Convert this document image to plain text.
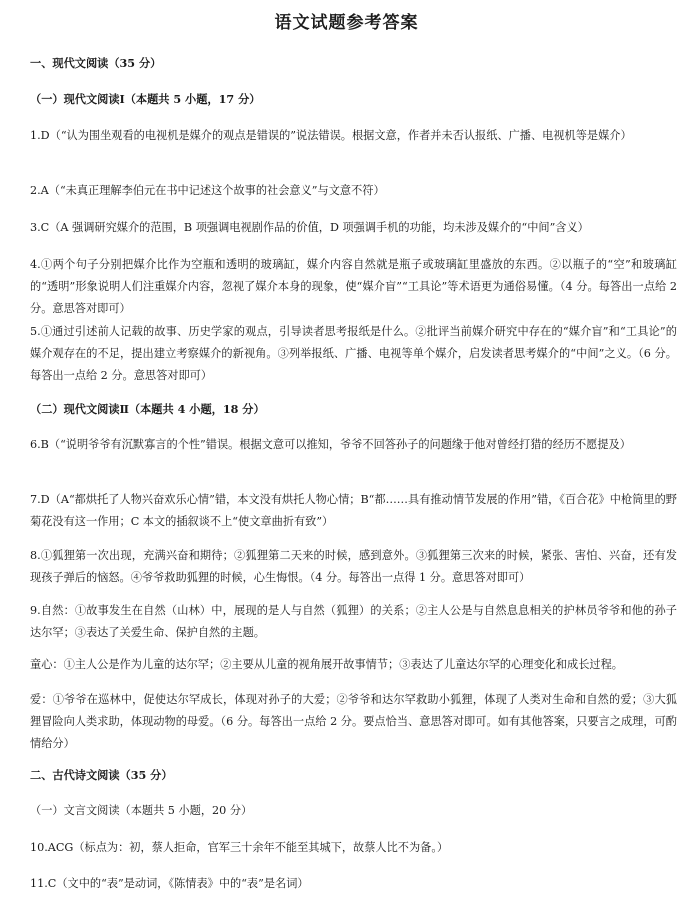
语文试题参考答案
一、现代文阅读（35 分）
（一）现代文阅读Ⅰ（本题共 5 小题，17 分）
1.D（“认为围坐观看的电视机是媒介的观点是错误的”说法错误。根据文意，作者并未否认报纸、广播、电视机等是媒介）
2.A（“未真正理解李伯元在书中记述这个故事的社会意义”与文意不符）
3.C（A 强调研究媒介的范围，B 项强调电视剧作品的价值，D 项强调手机的功能，均未涉及媒介的“中间”含义）
4.①两个句子分别把媒介比作为空瓶和透明的玻璃缸，媒介内容自然就是瓶子或玻璃缸里盛放的东西。②以瓶子的“空”和玻璃缸的“透明”形象说明人们注重媒介内容，忽视了媒介本身的现象，使“媒介盲”“工具论”等术语更为通俗易懂。（4 分。每答出一点给 2 分。意思答对即可）
5.①通过引述前人记载的故事、历史学家的观点，引导读者思考报纸是什么。②批评当前媒介研究中存在的“媒介盲”和“工具论”的媒介观存在的不足，提出建立考察媒介的新视角。③列举报纸、广播、电视等单个媒介，启发读者思考媒介的“中间”之义。（6 分。每答出一点给 2 分。意思答对即可）
（二）现代文阅读Ⅱ（本题共 4 小题，18 分）
6.B（“说明爷爷有沉默寡言的个性”错误。根据文意可以推知，爷爷不回答孙子的问题缘于他对曾经打猎的经历不愿提及）
7.D（A“都烘托了人物兴奋欢乐心情”错，本文没有烘托人物心情；B“都……具有推动情节发展的作用”错，《百合花》中枪筒里的野菊花没有这一作用；C 本文的插叙谈不上“使文章曲折有致”）
8.①狐狸第一次出现，充满兴奋和期待；②狐狸第二天来的时候，感到意外。③狐狸第三次来的时候，紧张、害怕、兴奋，还有发现孩子弹后的恼怒。④爷爷救助狐狸的时候，心生悔恨。（4 分。每答出一点得 1 分。意思答对即可）
9.自然：①故事发生在自然（山林）中，展现的是人与自然（狐狸）的关系；②主人公是与自然息息相关的护林员爷爷和他的孙子达尔罕；③表达了关爱生命、保护自然的主题。
童心：①主人公是作为儿童的达尔罕；②主要从儿童的视角展开故事情节；③表达了儿童达尔罕的心理变化和成长过程。
爱：①爷爷在巡林中，促使达尔罕成长，体现对孙子的大爱；②爷爷和达尔罕救助小狐狸，体现了人类对生命和自然的爱；③大狐狸冒险向人类求助，体现动物的母爱。（6 分。每答出一点给 2 分。要点恰当、意思答对即可。如有其他答案，只要言之成理，可酌情给分）
二、古代诗文阅读（35 分）
（一）文言文阅读（本题共 5 小题，20 分）
10.ACG（标点为：初，蔡人拒命，官军三十余年不能至其城下，故蔡人比不为备。）
11.C（文中的“表”是动词，《陈情表》中的“表”是名词）
